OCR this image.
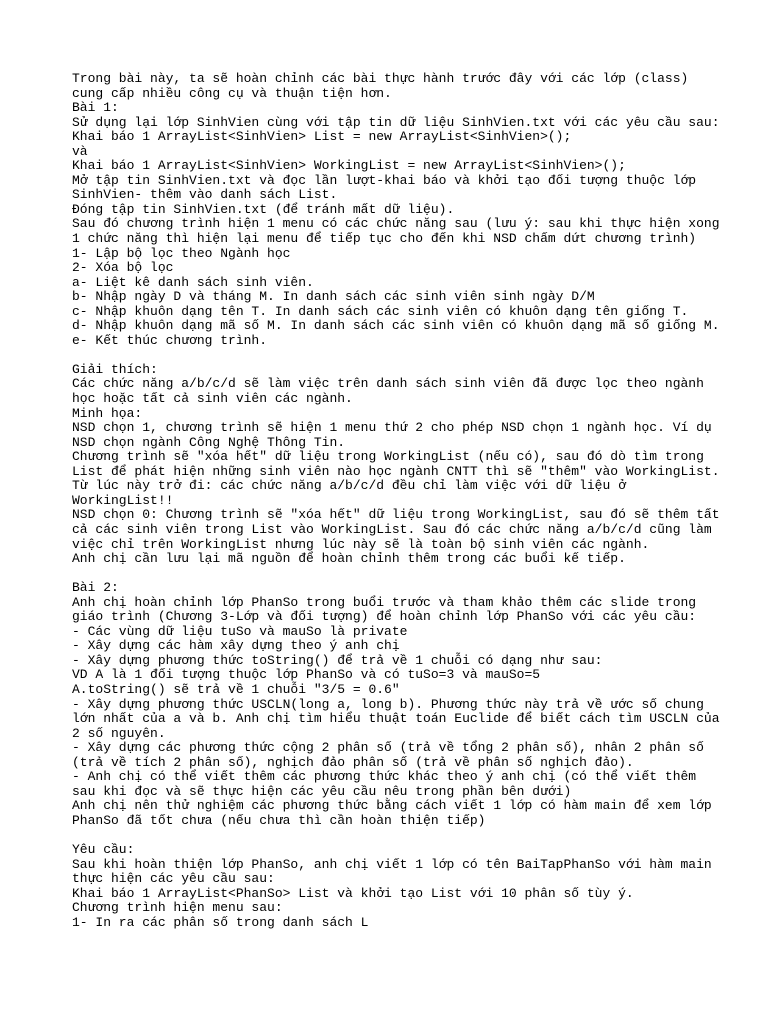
Trong bài này, ta sẽ hoàn chỉnh các bài thực hành trước đây với các lớp (class)
cung cấp nhiều công cụ và thuận tiện hơn.
Bài 1:
Sử dụng lại lớp SinhVien cùng với tập tin dữ liệu SinhVien.txt với các yêu cầu sau:
Khai báo 1 ArrayList<SinhVien> List = new ArrayList<SinhVien>();
và
Khai báo 1 ArrayList<SinhVien> WorkingList = new ArrayList<SinhVien>();
Mở tập tin SinhVien.txt và đọc lần lượt-khai báo và khởi tạo đối tượng thuộc lớp
SinhVien- thêm vào danh sách List.
Đóng tập tin SinhVien.txt (để tránh mất dữ liệu).
Sau đó chương trình hiện 1 menu có các chức năng sau (lưu ý: sau khi thực hiện xong
1 chức năng thì hiện lại menu để tiếp tục cho đến khi NSD chấm dứt chương trình)
1- Lập bộ lọc theo Ngành học
2- Xóa bộ lọc
a- Liệt kê danh sách sinh viên.
b- Nhập ngày D và tháng M. In danh sách các sinh viên sinh ngày D/M
c- Nhập khuôn dạng tên T. In danh sách các sinh viên có khuôn dạng tên giống T.
d- Nhập khuôn dạng mã số M. In danh sách các sinh viên có khuôn dạng mã số giống M.
e- Kết thúc chương trình.
Giải thích:
Các chức năng a/b/c/d sẽ làm việc trên danh sách sinh viên đã được lọc theo ngành
học hoặc tất cả sinh viên các ngành.
Minh họa:
NSD chọn 1, chương trình sẽ hiện 1 menu thứ 2 cho phép NSD chọn 1 ngành học. Ví dụ
NSD chọn ngành Công Nghệ Thông Tin.
Chương trình sẽ "xóa hết" dữ liệu trong WorkingList (nếu có), sau đó dò tìm trong
List để phát hiện những sinh viên nào học ngành CNTT thì sẽ "thêm" vào WorkingList.
Từ lúc này trở đi: các chức năng a/b/c/d đều chỉ làm việc với dữ liệu ở
WorkingList!!
NSD chọn 0: Chương trình sẽ "xóa hết" dữ liệu trong WorkingList, sau đó sẽ thêm tất
cả các sinh viên trong List vào WorkingList. Sau đó các chức năng a/b/c/d cũng làm
việc chỉ trên WorkingList nhưng lúc này sẽ là toàn bộ sinh viên các ngành.
Anh chị cần lưu lại mã nguồn để hoàn chỉnh thêm trong các buổi kế tiếp.
Bài 2:
Anh chị hoàn chỉnh lớp PhanSo trong buổi trước và tham khảo thêm các slide trong
giáo trình (Chương 3-Lớp và đối tượng) để hoàn chỉnh lớp PhanSo với các yêu cầu:
- Các vùng dữ liệu tuSo và mauSo là private
- Xây dựng các hàm xây dựng theo ý anh chị
- Xây dựng phương thức toString() để trả về 1 chuỗi có dạng như sau:
VD A là 1 đối tượng thuộc lớp PhanSo và có tuSo=3 và mauSo=5
A.toString() sẽ trả về 1 chuỗi "3/5 = 0.6"
- Xây dựng phương thức USCLN(long a, long b). Phương thức này trả về ước số chung
lớn nhất của a và b. Anh chị tìm hiểu thuật toán Euclide để biết cách tìm USCLN của
2 số nguyên.
- Xây dựng các phương thức cộng 2 phân số (trả về tổng 2 phân số), nhân 2 phân số
(trả về tích 2 phân số), nghịch đảo phân số (trả về phân số nghịch đảo).
- Anh chị có thể viết thêm các phương thức khác theo ý anh chị (có thể viết thêm
sau khi đọc và sẽ thực hiện các yêu cầu nêu trong phần bên dưới)
Anh chị nên thử nghiệm các phương thức bằng cách viết 1 lớp có hàm main để xem lớp
PhanSo đã tốt chưa (nếu chưa thì cần hoàn thiện tiếp)
Yêu cầu:
Sau khi hoàn thiện lớp PhanSo, anh chị viết 1 lớp có tên BaiTapPhanSo với hàm main
thực hiện các yêu cầu sau:
Khai báo 1 ArrayList<PhanSo> List và khởi tạo List với 10 phân số tùy ý.
Chương trình hiện menu sau:
1- In ra các phân số trong danh sách L
